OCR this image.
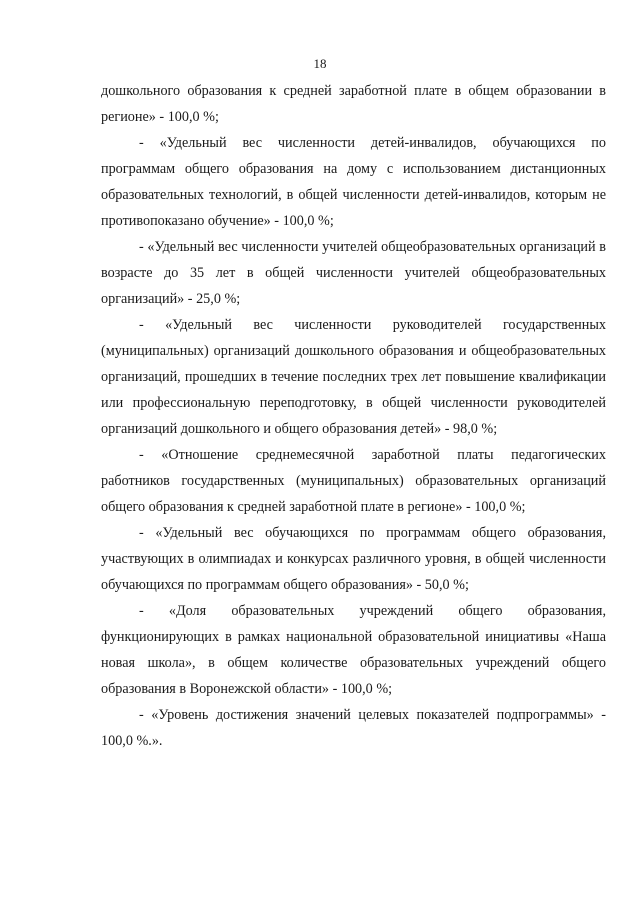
18

дошкольного образования к средней заработной плате в общем образовании в регионе» - 100,0 %;

- «Удельный вес численности детей-инвалидов, обучающихся по программам общего образования на дому с использованием дистанционных образовательных технологий, в общей численности детей-инвалидов, которым не противопоказано обучение» - 100,0 %;

- «Удельный вес численности учителей общеобразовательных организаций в возрасте до 35 лет в общей численности учителей общеобразовательных организаций» - 25,0 %;

- «Удельный вес численности руководителей государственных (муниципальных) организаций дошкольного образования и общеобразовательных организаций, прошедших в течение последних трех лет повышение квалификации или профессиональную переподготовку, в общей численности руководителей организаций дошкольного и общего образования детей» - 98,0 %;

- «Отношение среднемесячной заработной платы педагогических работников государственных (муниципальных) образовательных организаций общего образования к средней заработной плате в регионе» - 100,0 %;

- «Удельный вес обучающихся по программам общего образования, участвующих в олимпиадах и конкурсах различного уровня, в общей численности обучающихся по программам общего образования» - 50,0 %;

- «Доля образовательных учреждений общего образования, функционирующих в рамках национальной образовательной инициативы «Наша новая школа», в общем количестве образовательных учреждений общего образования в Воронежской области» - 100,0 %;

- «Уровень достижения значений целевых показателей подпрограммы» - 100,0 %.».
